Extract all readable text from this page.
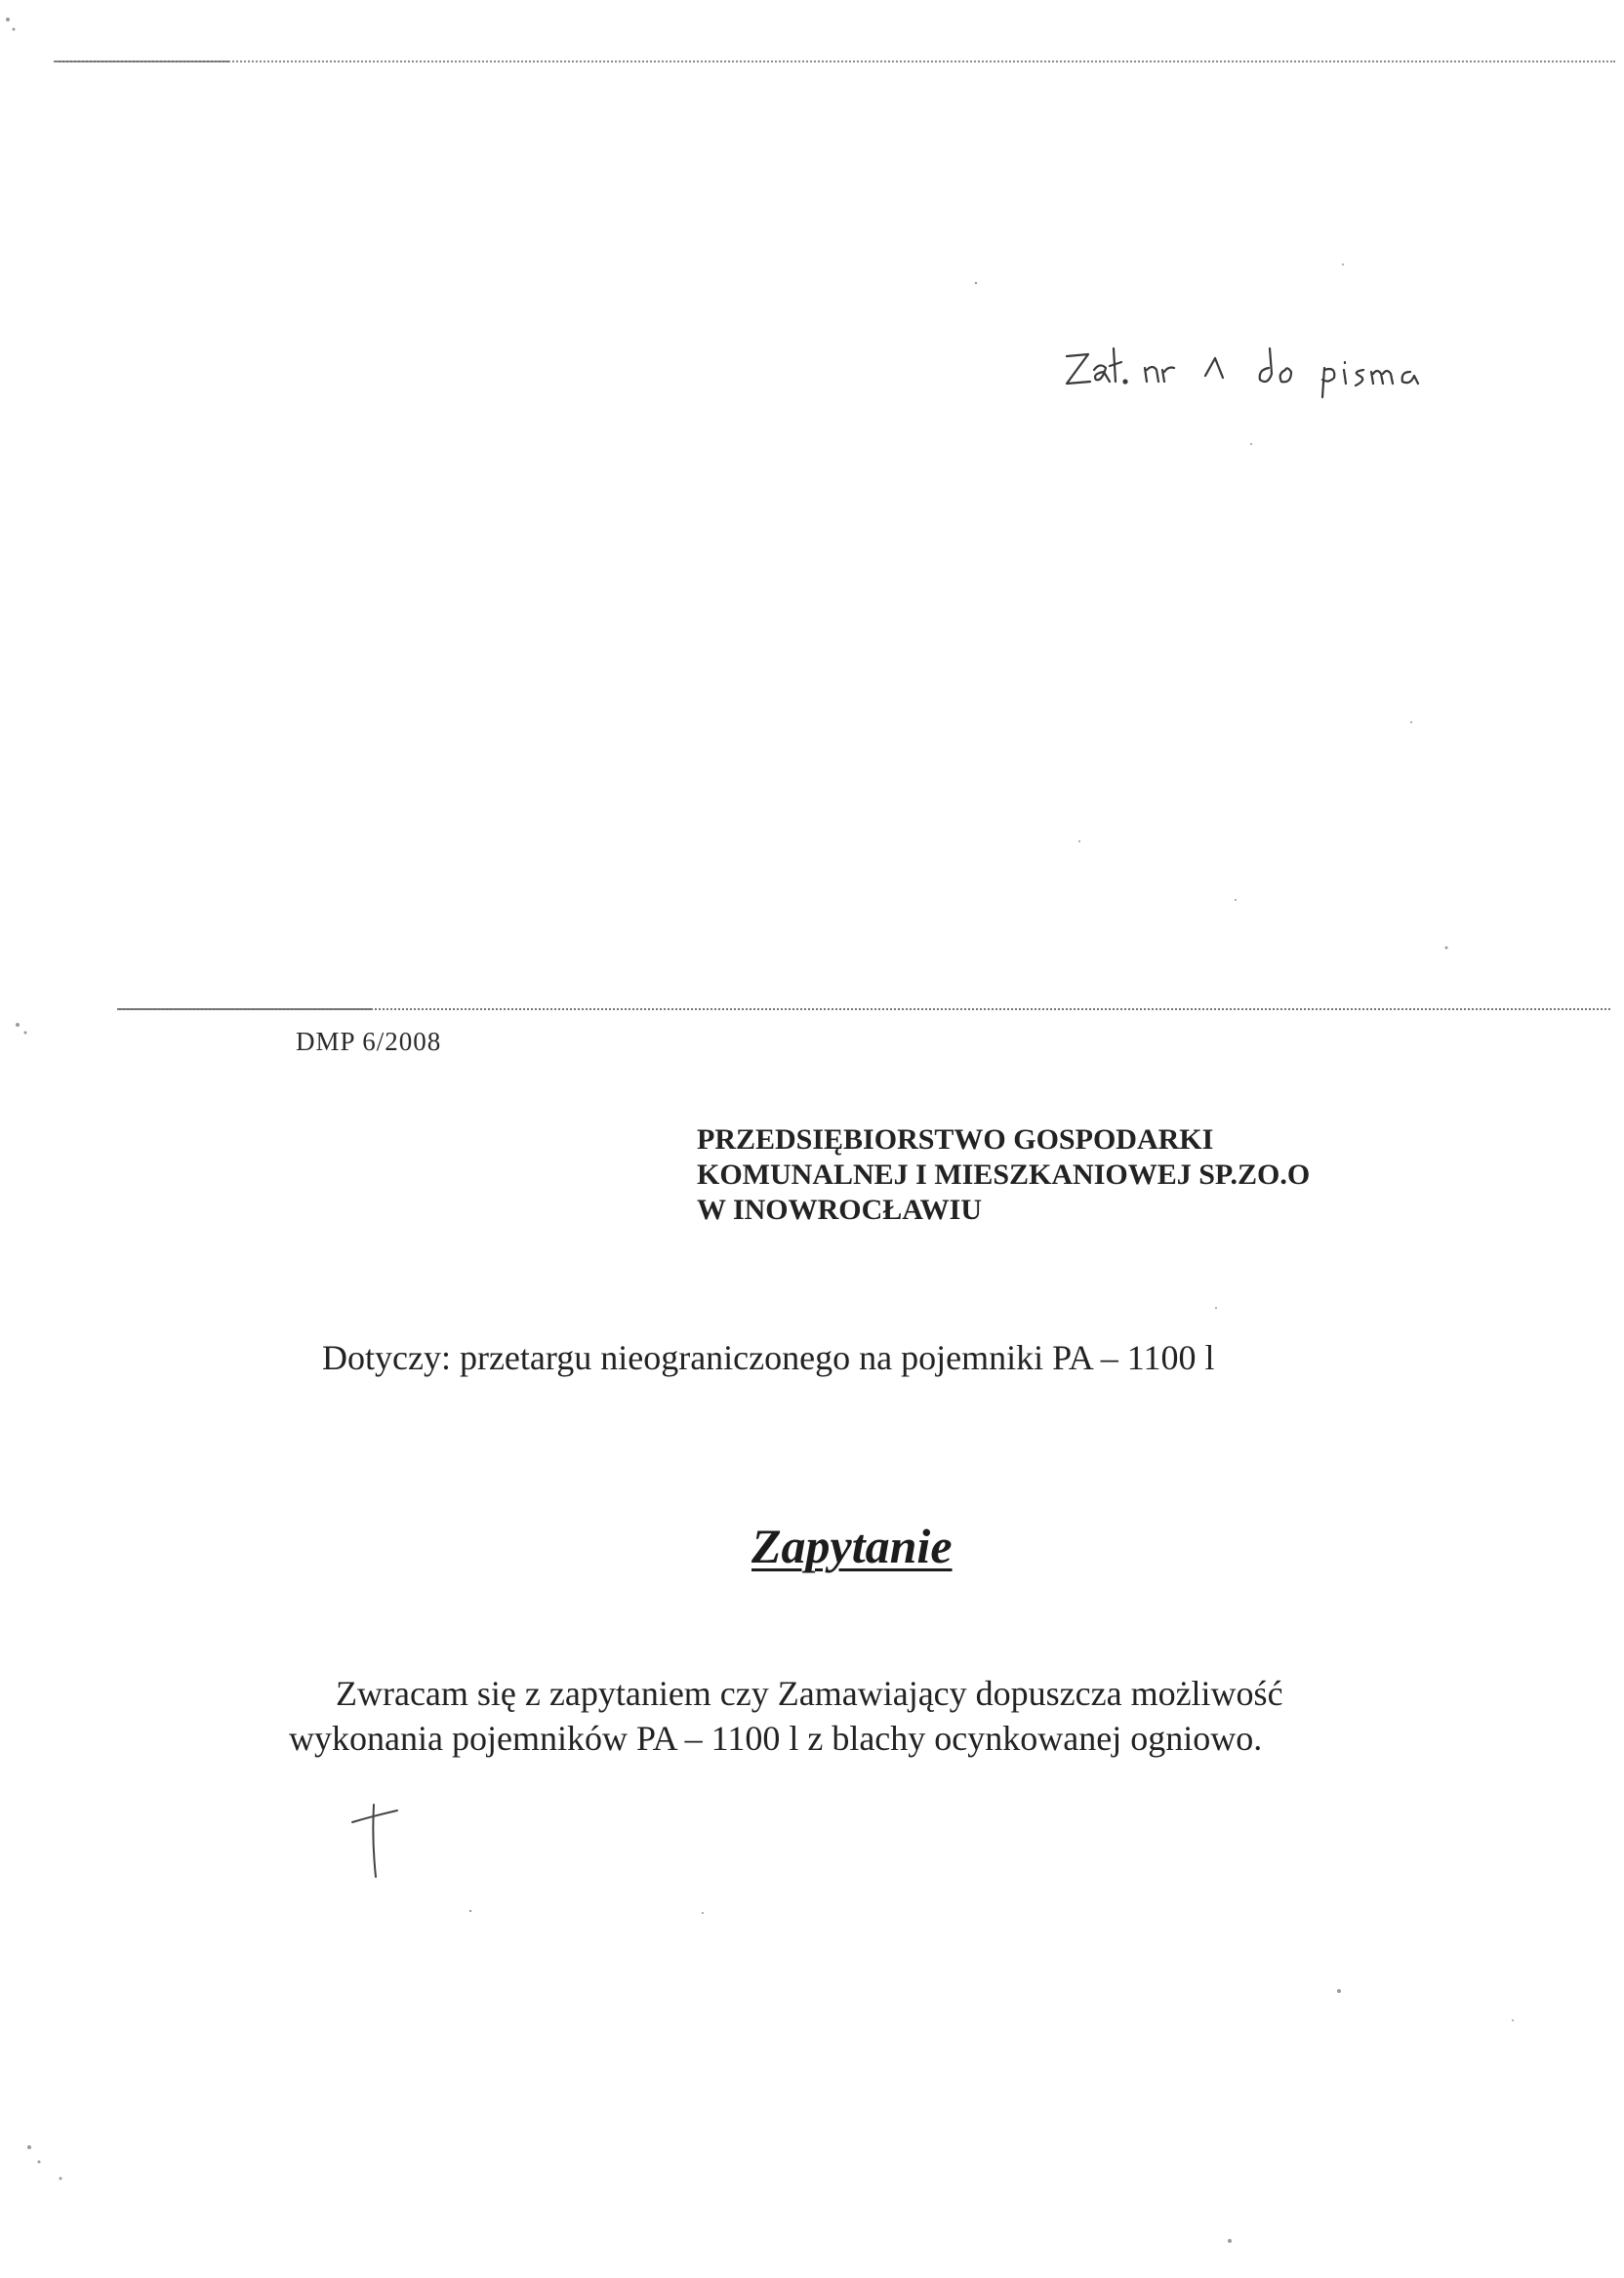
DMP 6/2008
PRZEDSIĘBIORSTWO GOSPODARKI
KOMUNALNEJ I MIESZKANIOWEJ SP.ZO.O
W INOWROCŁAWIU
Dotyczy: przetargu nieograniczonego na pojemniki PA – 1100 l
Zapytanie
Zwracam się z zapytaniem czy Zamawiający dopuszcza możliwość
wykonania pojemników PA – 1100 l z blachy ocynkowanej ogniowo.
